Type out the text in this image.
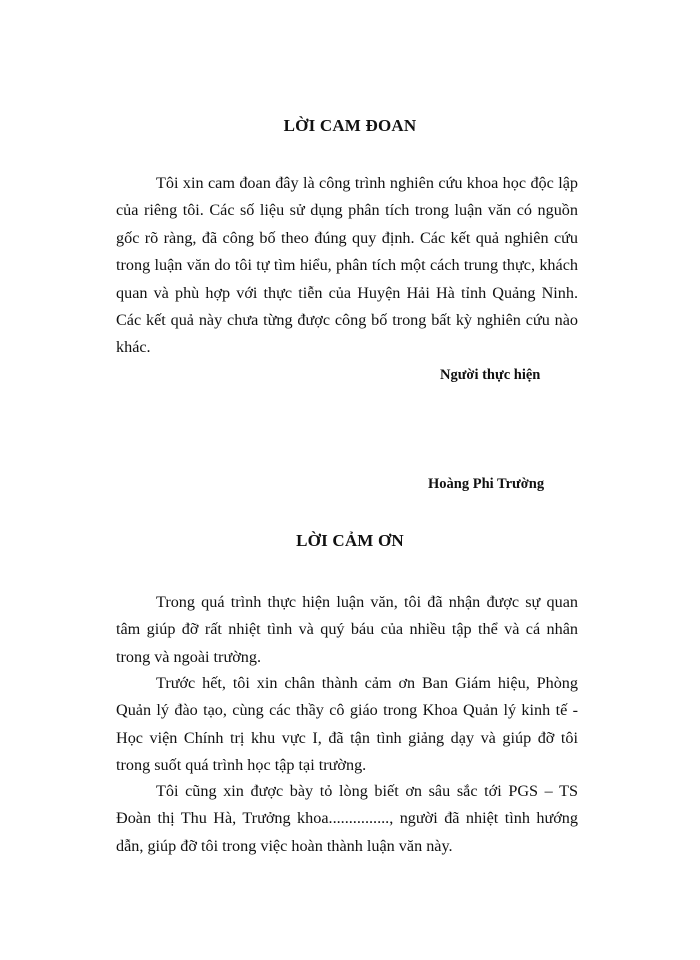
LỜI CAM ĐOAN

Tôi xin cam đoan đây là công trình nghiên cứu khoa học độc lập của riêng tôi. Các số liệu sử dụng phân tích trong luận văn có nguồn gốc rõ ràng, đã công bố theo đúng quy định. Các kết quả nghiên cứu trong luận văn do tôi tự tìm hiểu, phân tích một cách trung thực, khách quan và phù hợp với thực tiễn của Huyện Hải Hà tỉnh Quảng Ninh. Các kết quả này chưa từng được công bố trong bất kỳ nghiên cứu nào khác.

Người thực hiện
Hoàng Phi Trường
LỜI CẢM ƠN

Trong quá trình thực hiện luận văn, tôi đã nhận được sự quan tâm giúp đỡ rất nhiệt tình và quý báu của nhiều tập thể và cá nhân trong và ngoài trường.

Trước hết, tôi xin chân thành cảm ơn Ban Giám hiệu, Phòng Quản lý đào tạo, cùng các thầy cô giáo trong Khoa Quản lý kinh tế - Học viện Chính trị khu vực I, đã tận tình giảng dạy và giúp đỡ tôi trong suốt quá trình học tập tại trường.

Tôi cũng xin được bày tỏ lòng biết ơn sâu sắc tới PGS – TS Đoàn thị Thu Hà, Trưởng khoa..............., người đã nhiệt tình hướng dẫn, giúp đỡ tôi trong việc hoàn thành luận văn này.
